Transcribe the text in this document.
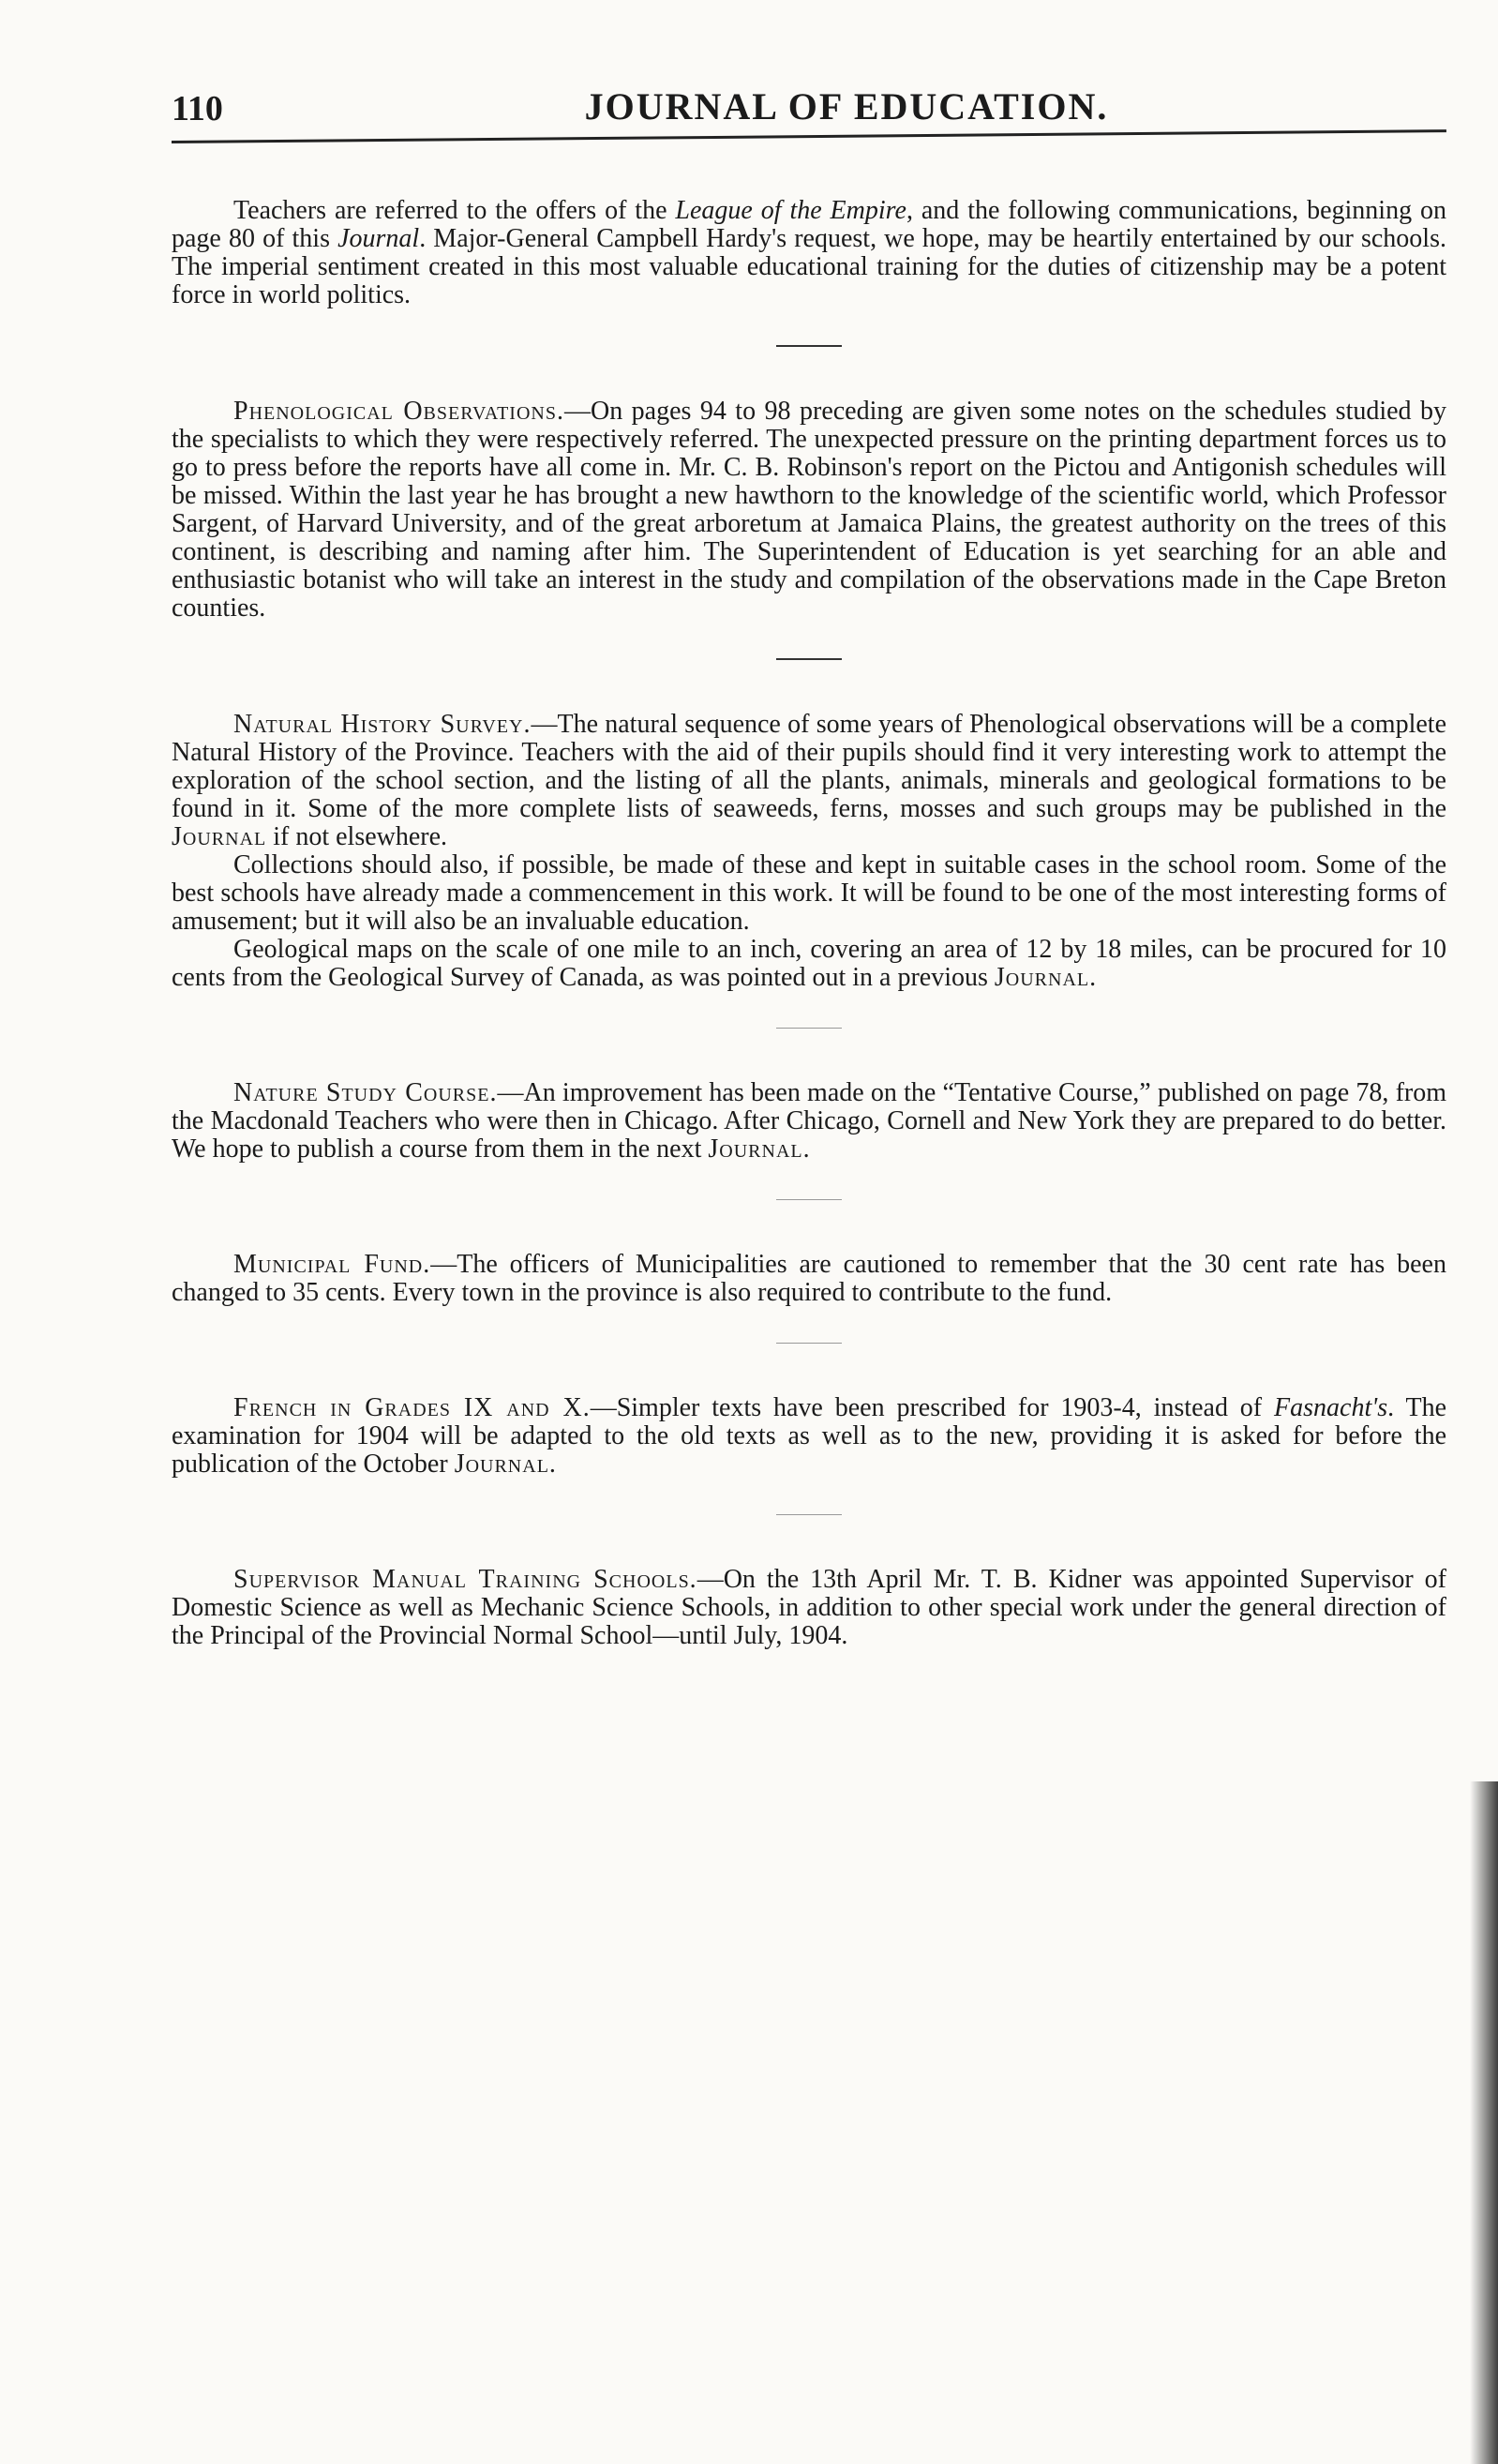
110	JOURNAL OF EDUCATION.

Teachers are referred to the offers of the League of the Empire, and the following communications, beginning on page 80 of this Journal. Major-General Campbell Hardy's request, we hope, may be heartily entertained by our schools. The imperial sentiment created in this most valuable educational training for the duties of citizenship may be a potent force in world politics.

Phenological Observations.—On pages 94 to 98 preceding are given some notes on the schedules studied by the specialists to which they were respectively referred. The unexpected pressure on the printing department forces us to go to press before the reports have all come in. Mr. C. B. Robinson's report on the Pictou and Antigonish schedules will be missed. Within the last year he has brought a new hawthorn to the knowledge of the scientific world, which Professor Sargent, of Harvard University, and of the great arboretum at Jamaica Plains, the greatest authority on the trees of this continent, is describing and naming after him. The Superintendent of Education is yet searching for an able and enthusiastic botanist who will take an interest in the study and compilation of the observations made in the Cape Breton counties.

Natural History Survey.—The natural sequence of some years of Phenological observations will be a complete Natural History of the Province. Teachers with the aid of their pupils should find it very interesting work to attempt the exploration of the school section, and the listing of all the plants, animals, minerals and geological formations to be found in it. Some of the more complete lists of seaweeds, ferns, mosses and such groups may be published in the Journal if not elsewhere.

Collections should also, if possible, be made of these and kept in suitable cases in the school room. Some of the best schools have already made a commencement in this work. It will be found to be one of the most interesting forms of amusement; but it will also be an invaluable education.

Geological maps on the scale of one mile to an inch, covering an area of 12 by 18 miles, can be procured for 10 cents from the Geological Survey of Canada, as was pointed out in a previous Journal.

Nature Study Course.—An improvement has been made on the “Tentative Course,” published on page 78, from the Macdonald Teachers who were then in Chicago. After Chicago, Cornell and New York they are prepared to do better. We hope to publish a course from them in the next Journal.

Municipal Fund.—The officers of Municipalities are cautioned to remember that the 30 cent rate has been changed to 35 cents. Every town in the province is also required to contribute to the fund.

French in Grades IX and X.—Simpler texts have been prescribed for 1903-4, instead of Fasnacht's. The examination for 1904 will be adapted to the old texts as well as to the new, providing it is asked for before the publication of the October Journal.

Supervisor Manual Training Schools.—On the 13th April Mr. T. B. Kidner was appointed Supervisor of Domestic Science as well as Mechanic Science Schools, in addition to other special work under the general direction of the Principal of the Provincial Normal School—until July, 1904.
